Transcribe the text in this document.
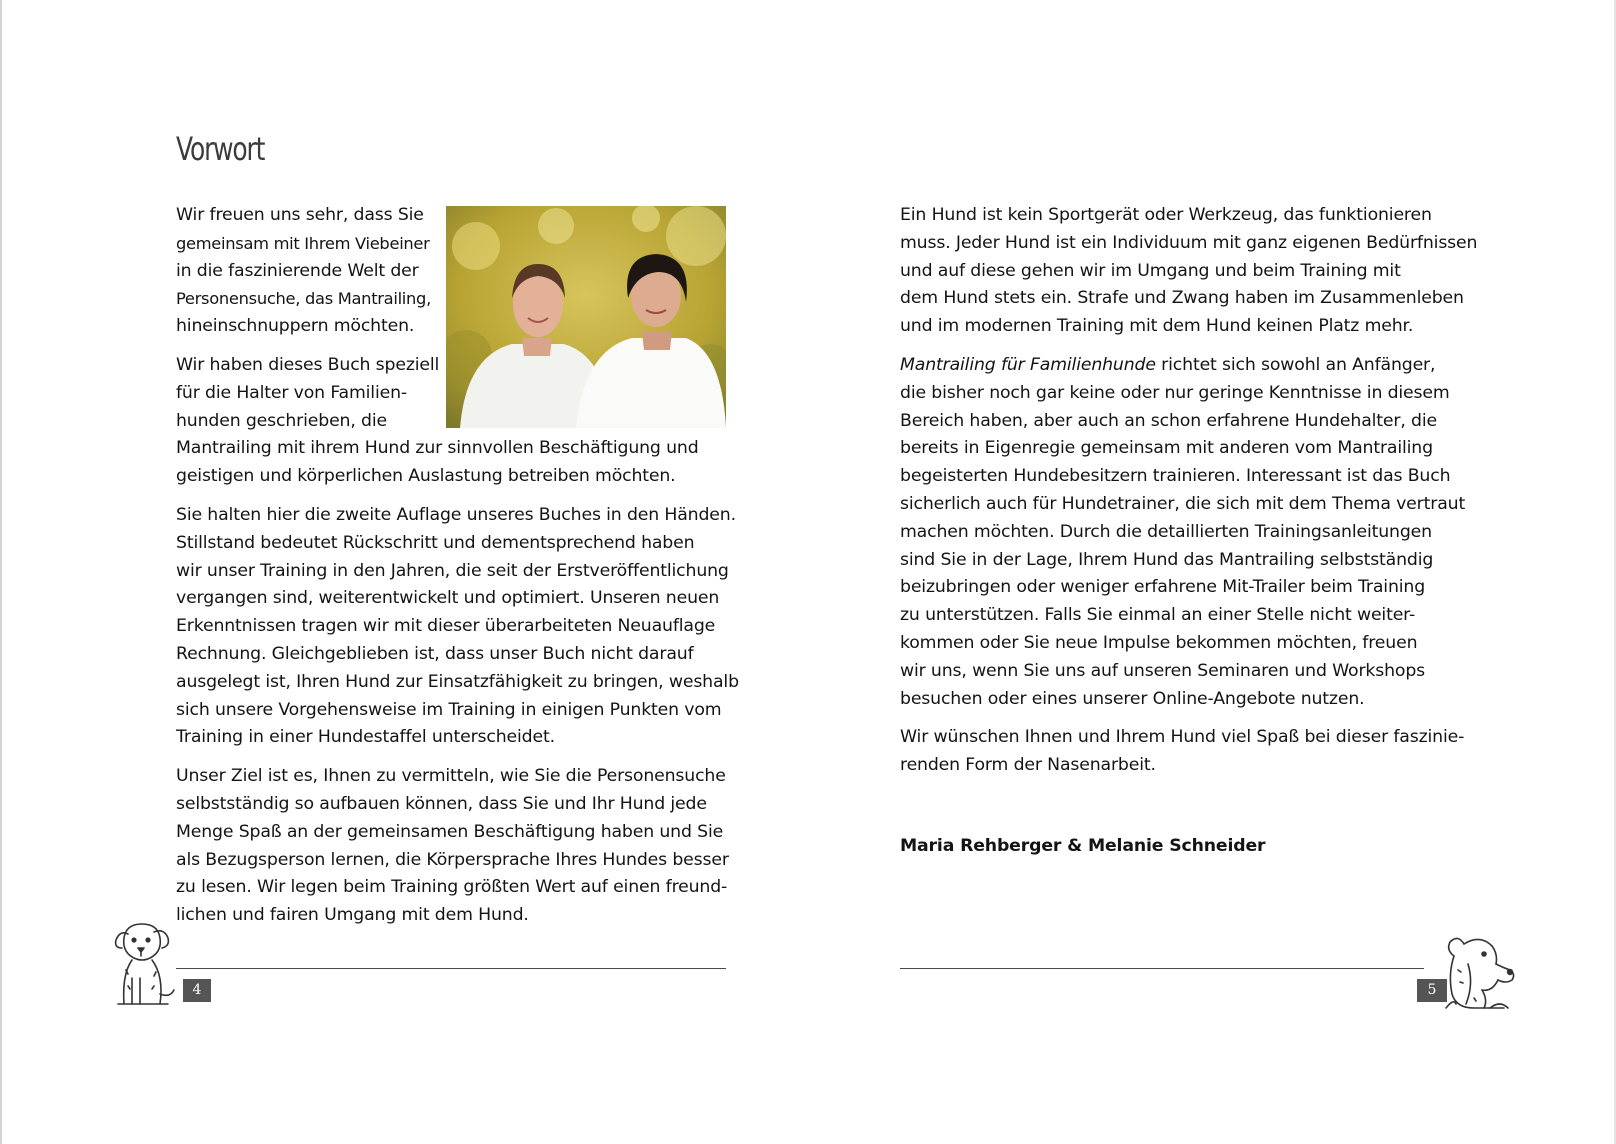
Vorwort

Wir freuen uns sehr, dass Sie
gemeinsam mit Ihrem Viebeiner
in die faszinierende Welt der
Personensuche, das Mantrailing,
hineinschnuppern möchten.

Wir haben dieses Buch speziell
für die Halter von Familien-
hunden geschrieben, die
Mantrailing mit ihrem Hund zur sinnvollen Beschäftigung und
geistigen und körperlichen Auslastung betreiben möchten.

Sie halten hier die zweite Auflage unseres Buches in den Händen.
Stillstand bedeutet Rückschritt und dementsprechend haben
wir unser Training in den Jahren, die seit der Erstveröffentlichung
vergangen sind, weiterentwickelt und optimiert. Unseren neuen
Erkenntnissen tragen wir mit dieser überarbeiteten Neuauflage
Rechnung. Gleichgeblieben ist, dass unser Buch nicht darauf
ausgelegt ist, Ihren Hund zur Einsatzfähigkeit zu bringen, weshalb
sich unsere Vorgehensweise im Training in einigen Punkten vom
Training in einer Hundestaffel unterscheidet.

Unser Ziel ist es, Ihnen zu vermitteln, wie Sie die Personensuche
selbstständig so aufbauen können, dass Sie und Ihr Hund jede
Menge Spaß an der gemeinsamen Beschäftigung haben und Sie
als Bezugsperson lernen, die Körpersprache Ihres Hundes besser
zu lesen. Wir legen beim Training größten Wert auf einen freund-
lichen und fairen Umgang mit dem Hund.

4

Ein Hund ist kein Sportgerät oder Werkzeug, das funktionieren
muss. Jeder Hund ist ein Individuum mit ganz eigenen Bedürfnissen
und auf diese gehen wir im Umgang und beim Training mit
dem Hund stets ein. Strafe und Zwang haben im Zusammenleben
und im modernen Training mit dem Hund keinen Platz mehr.

Mantrailing für Familienhunde richtet sich sowohl an Anfänger,
die bisher noch gar keine oder nur geringe Kenntnisse in diesem
Bereich haben, aber auch an schon erfahrene Hundehalter, die
bereits in Eigenregie gemeinsam mit anderen vom Mantrailing
begeisterten Hundebesitzern trainieren. Interessant ist das Buch
sicherlich auch für Hundetrainer, die sich mit dem Thema vertraut
machen möchten. Durch die detaillierten Trainingsanleitungen
sind Sie in der Lage, Ihrem Hund das Mantrailing selbstständig
beizubringen oder weniger erfahrene Mit-Trailer beim Training
zu unterstützen. Falls Sie einmal an einer Stelle nicht weiter-
kommen oder Sie neue Impulse bekommen möchten, freuen
wir uns, wenn Sie uns auf unseren Seminaren und Workshops
besuchen oder eines unserer Online-Angebote nutzen.

Wir wünschen Ihnen und Ihrem Hund viel Spaß bei dieser faszinie-
renden Form der Nasenarbeit.

Maria Rehberger & Melanie Schneider

5
